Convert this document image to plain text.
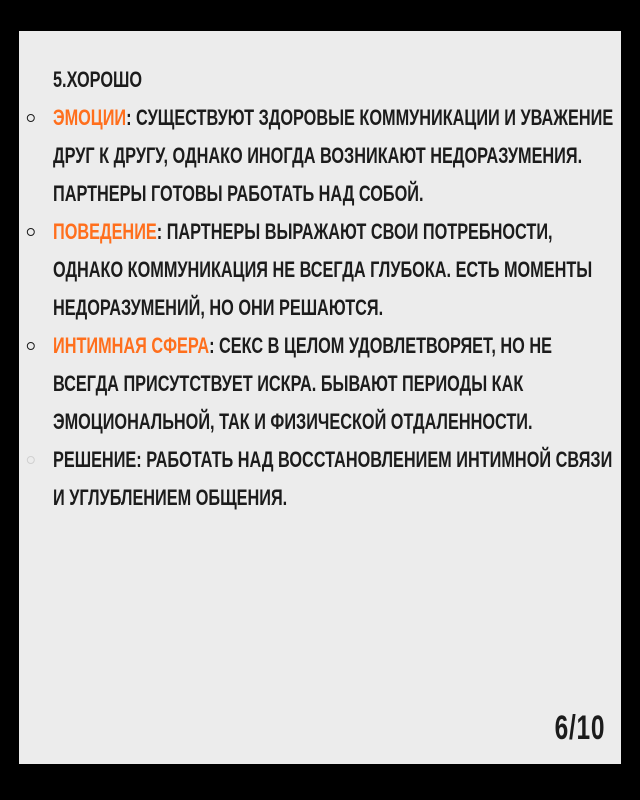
5.ХОРОШО
ЭМОЦИИ: СУЩЕСТВУЮТ ЗДОРОВЫЕ КОММУНИКАЦИИ И УВАЖЕНИЕ ДРУГ К ДРУГУ, ОДНАКО ИНОГДА ВОЗНИКАЮТ НЕДОРАЗУМЕНИЯ. ПАРТНЕРЫ ГОТОВЫ РАБОТАТЬ НАД СОБОЙ.
ПОВЕДЕНИЕ: ПАРТНЕРЫ ВЫРАЖАЮТ СВОИ ПОТРЕБНОСТИ, ОДНАКО КОММУНИКАЦИЯ НЕ ВСЕГДА ГЛУБОКА. ЕСТЬ МОМЕНТЫ НЕДОРАЗУМЕНИЙ, НО ОНИ РЕШАЮТСЯ.
ИНТИМНАЯ СФЕРА: СЕКС В ЦЕЛОМ УДОВЛЕТВОРЯЕТ, НО НЕ ВСЕГДА ПРИСУТСТВУЕТ ИСКРА. БЫВАЮТ ПЕРИОДЫ КАК ЭМОЦИОНАЛЬНОЙ, ТАК И ФИЗИЧЕСКОЙ ОТДАЛЕННОСТИ.
РЕШЕНИЕ: РАБОТАТЬ НАД ВОССТАНОВЛЕНИЕМ ИНТИМНОЙ СВЯЗИ И УГЛУБЛЕНИЕМ ОБЩЕНИЯ.
6/10
